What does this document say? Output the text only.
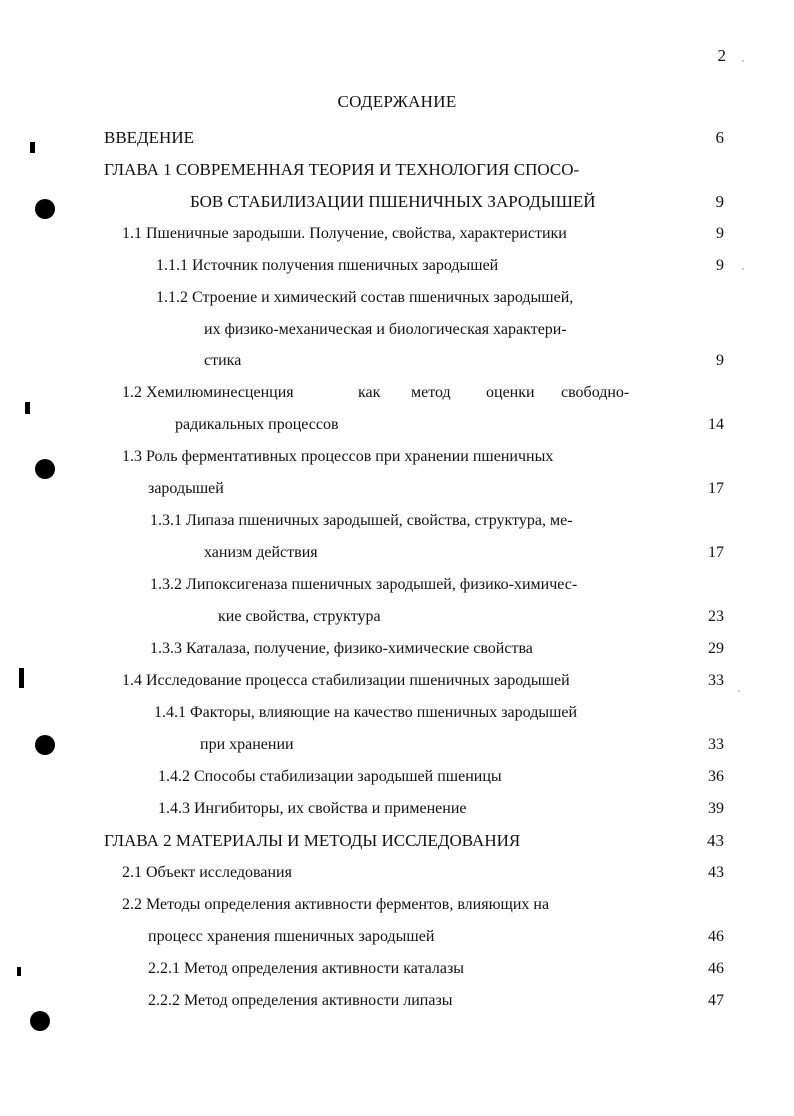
2
СОДЕРЖАНИЕ
ВВЕДЕНИЕ	6
ГЛАВА 1 СОВРЕМЕННАЯ ТЕОРИЯ И ТЕХНОЛОГИЯ СПОСО-
БОВ СТАБИЛИЗАЦИИ ПШЕНИЧНЫХ ЗАРОДЫШЕЙ	9
1.1 Пшеничные зародыши. Получение, свойства, характеристики	9
1.1.1 Источник получения пшеничных зародышей	9
1.1.2 Строение и химический состав пшеничных зародышей,
их физико-механическая и биологическая характери-
стика	9
1.2 Хемилюминесценция	как метод оценки свободно-
радикальных процессов	14
1.3 Роль ферментативных процессов при хранении пшеничных
зародышей	17
1.3.1 Липаза пшеничных зародышей, свойства, структура, ме-
ханизм действия	17
1.3.2 Липоксигеназа пшеничных зародышей, физико-химичес-
кие свойства, структура	23
1.3.3 Каталаза, получение, физико-химические свойства	29
1.4 Исследование процесса стабилизации пшеничных зародышей	33
1.4.1 Факторы, влияющие на качество пшеничных зародышей
при хранении	33
1.4.2 Способы стабилизации зародышей пшеницы	36
1.4.3 Ингибиторы, их свойства и применение	39
ГЛАВА 2 МАТЕРИАЛЫ И МЕТОДЫ ИССЛЕДОВАНИЯ	43
2.1 Объект исследования	43
2.2 Методы определения активности ферментов, влияющих на
процесс хранения пшеничных зародышей	46
2.2.1 Метод определения активности каталазы	46
2.2.2 Метод определения активности липазы	47
